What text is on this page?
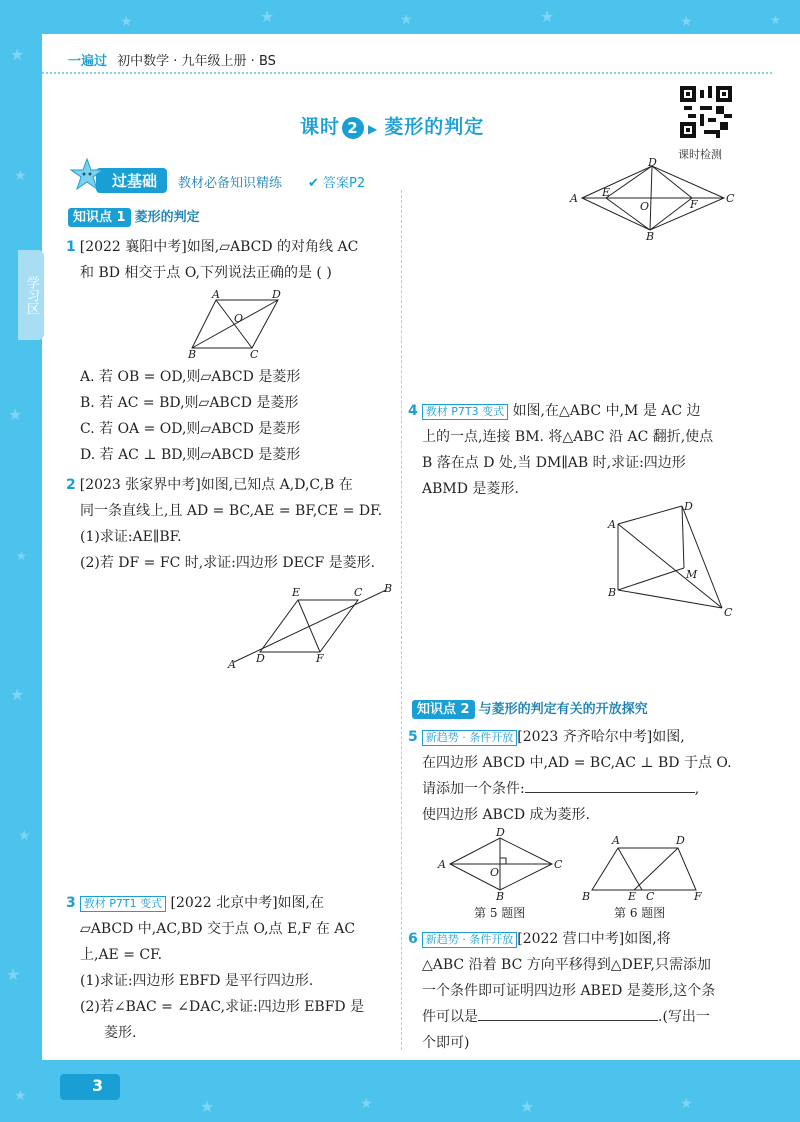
★
★
★
★
★
★
★
★
★	★	★	★	★	★
★	★	★	★
学习区
一遍过 初中数学 · 九年级上册 · BS
课时 2 ▶ 菱形的判定
课时检测
过基础	教材必备知识精练 ✔ 答案P2
知识点 1 菱形的判定
1 [2022 襄阳中考]如图,▱ABCD 的对角线 AC
和 BD 相交于点 O,下列说法正确的是 ( )
A	D
O
B	C
A. 若 OB = OD,则▱ABCD 是菱形
B. 若 AC = BD,则▱ABCD 是菱形
C. 若 OA = OD,则▱ABCD 是菱形
D. 若 AC ⊥ BD,则▱ABCD 是菱形
2 [2023 张家界中考]如图,已知点 A,D,C,B 在
同一条直线上,且 AD = BC,AE = BF,CE = DF.
(1)求证:AE∥BF.
(2)若 DF = FC 时,求证:四边形 DECF 是菱形.
E	C B
A D	F
3 教材 P7T1 变式 [2022 北京中考]如图,在
▱ABCD 中,AC,BD 交于点 O,点 E,F 在 AC
上,AE = CF.
(1)求证:四边形 EBFD 是平行四边形.
(2)若∠BAC = ∠DAC,求证:四边形 EBFD 是
菱形.
D
A E
O	F	C
B
4 教材 P7T3 变式 如图,在△ABC 中,M 是 AC 边
上的一点,连接 BM. 将△ABC 沿 AC 翻折,使点
B 落在点 D 处,当 DM∥AB 时,求证:四边形
ABMD 是菱形.
A
D
M
B
C
知识点 2 与菱形的判定有关的开放探究
5 新趋势 · 条件开放 [2023 齐齐哈尔中考]如图,
在四边形 ABCD 中,AD = BC,AC ⊥ BD 于点 O.
请添加一个条件:	,
使四边形 ABCD 成为菱形.
D
A
O
C
B
第 5 题图
A	D
B	E C	F
第 6 题图
6 新趋势 · 条件开放 [2022 营口中考]如图,将
△ABC 沿着 BC 方向平移得到△DEF,只需添加
一个条件即可证明四边形 ABED 是菱形,这个条
件可以是	.(写出一
个即可)
3
